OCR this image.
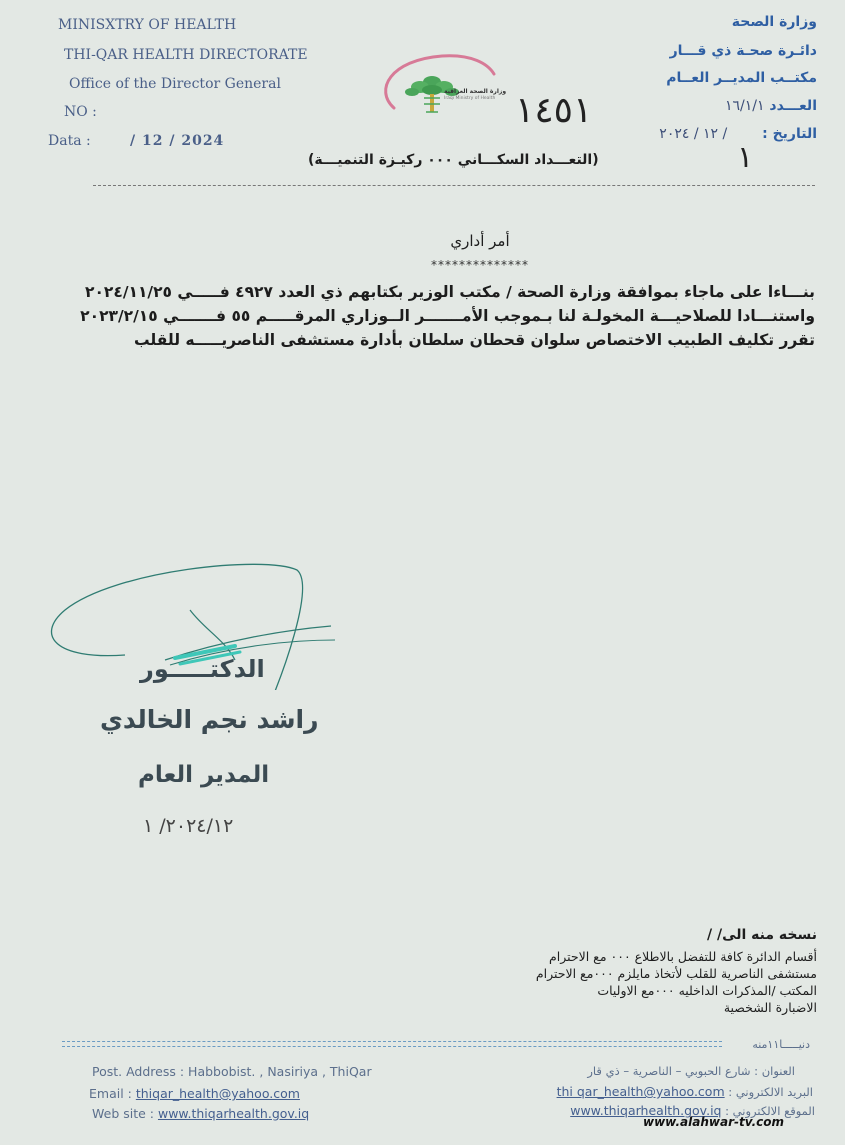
MINISXTRY OF HEALTH
THI-QAR HEALTH DIRECTORATE
Office of the Director General
NO :
Data :	/ 12 / 2024
وزارة الصحة العراقية
Iraqi Ministry of Health ١٤٥١
وزارة الصحة
دائـرة صحـة ذي قـــار
مكتــب المديــر العــام
العـــدد ١٦/١/١
التاريخ : / ١٢ / ٢٠٢٤
١
(التعـــداد السكـــاني ٠٠٠ ركيـزة التنميـــة)
أمر أداري
**************
بنـــاءا على ماجاء بموافقة وزارة الصحة / مكتب الوزير بكتابهم ذي العدد ٤٩٢٧ فـــــي ٢٠٢٤/١١/٢٥
واستنـــادا للصلاحيـــة المخولـة لنا بـموجب الأمـــــــر الــوزاري المرقـــــم ٥٥ فـــــــي ٢٠٢٣/٢/١٥
تقرر تكليف الطبيب الاختصاص سلوان قحطان سلطان بأدارة مستشفى الناصريـــــه للقلب
الدكتـــــور
راشد نجم الخالدي
المدير العام
٢٠٢٤/١٢/ ١
نسخه منه الى/ /
أقسام الدائرة كافة للتفضل بالاطلاع ٠٠٠ مع الاحترام
مستشفى الناصرية للقلب لأتخاذ مايلزم ٠٠٠مع الاحترام
المكتب /المذكرات الداخليه ٠٠٠مع الاوليات
الاضبارة الشخصية
دنيـــــا١١منه
Post. Address : Habbobist. , Nasiriya , ThiQar
Email : thiqar_health@yahoo.com
Web site : www.thiqarhealth.gov.iq
العنوان : شارع الحبوبي – الناصرية – ذي قار
البريد الالكتروني : thi qar_health@yahoo.com
الموقع الالكتروني : www.thiqarhealth.gov.iq
www.alahwar-tv.com
